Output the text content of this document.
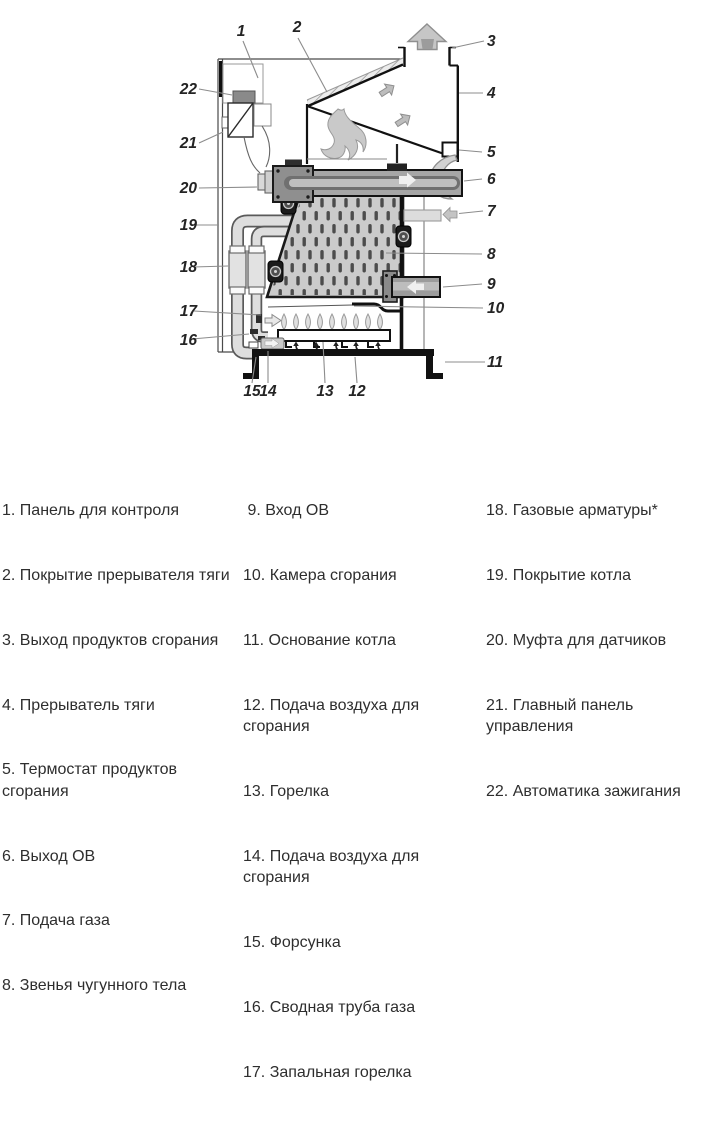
1	2
3
4
5
6
7
8
9
10
11
12
13
14
15
16
17
18
19
20
21
22

1. Панель для контроля

2. Покрытие прерывателя тяги

3. Выход продуктов сгорания

4. Прерыватель тяги

5. Термостат продуктов сгорания

6. Выход ОВ

7. Подача газа

8. Звенья чугунного тела

9. Вход ОВ

10. Камера сгорания

11. Основание котла

12. Подача воздуха для сгорания

13. Горелка

14. Подача воздуха для сгорания

15. Форсунка

16. Сводная труба газа

17. Запальная горелка

18. Газовые арматуры*

19. Покрытие котла

20. Муфта для датчиков

21. Главный панель управления

22. Автоматика зажигания
